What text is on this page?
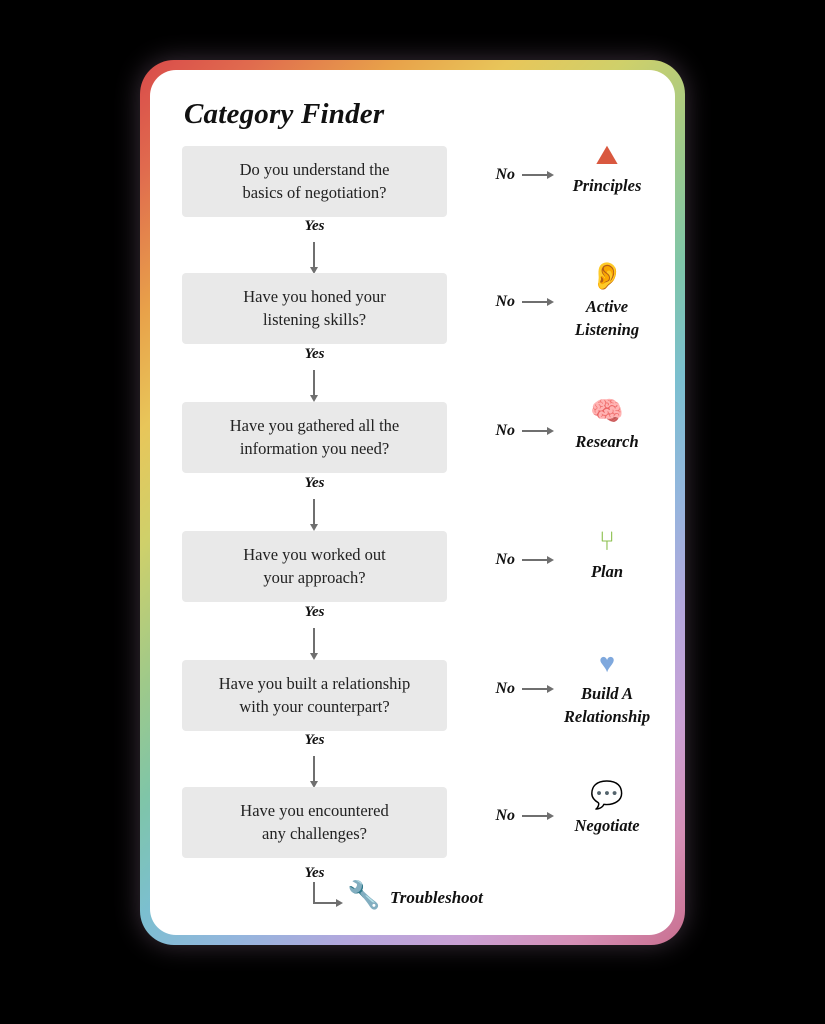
Category Finder
Do you understand the
basics of negotiation?
No
⛰
Principles
Yes
Have you honed your
listening skills?
No
👂
Active
Listening
Yes
Have you gathered all the
information you need?
No
🧠
Research
Yes
Have you worked out
your approach?
No
⑂
Plan
Yes
Have you built a relationship
with your counterpart?
No
♥
Build A
Relationship
Yes
Have you encountered
any challenges?
No
💬
Negotiate
Yes
🔧 Troubleshoot
